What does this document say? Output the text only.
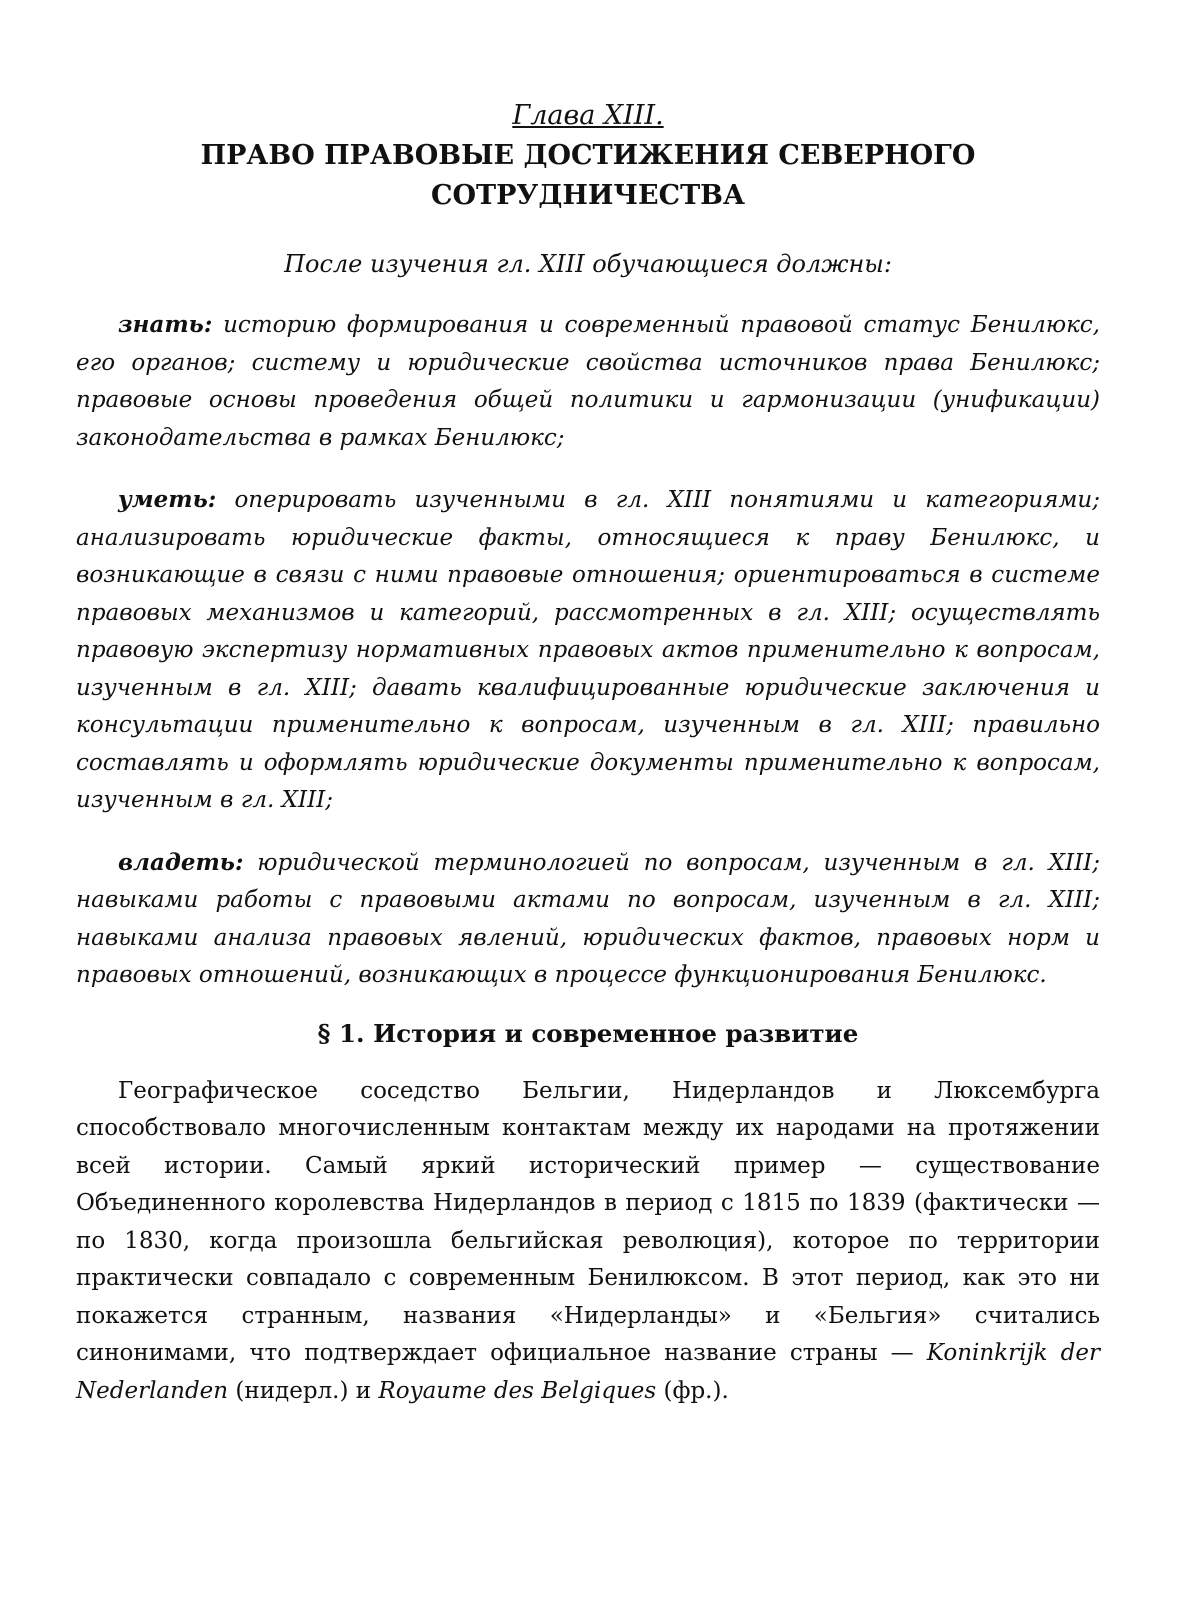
Глава XIII.

ПРАВО ПРАВОВЫЕ ДОСТИЖЕНИЯ СЕВЕРНОГО
СОТРУДНИЧЕСТВА

После изучения гл. XIII обучающиеся должны:

знать: историю формирования и современный правовой статус Бенилюкс, его органов; систему и юридические свойства источников права Бенилюкс; правовые основы проведения общей политики и гармонизации (унификации) законодательства в рамках Бенилюкс;

уметь: оперировать изученными в гл. XIII понятиями и категориями; анализировать юридические факты, относящиеся к праву Бенилюкс, и возникающие в связи с ними правовые отношения; ориентироваться в системе правовых механизмов и категорий, рассмотренных в гл. XIII; осуществлять правовую экспертизу нормативных правовых актов применительно к вопросам, изученным в гл. XIII; давать квалифицированные юридические заключения и консультации применительно к вопросам, изученным в гл. XIII; правильно составлять и оформлять юридические документы применительно к вопросам, изученным в гл. XIII;

владеть: юридической терминологией по вопросам, изученным в гл. XIII; навыками работы с правовыми актами по вопросам, изученным в гл. XIII; навыками анализа правовых явлений, юридических фактов, правовых норм и правовых отношений, возникающих в процессе функционирования Бенилюкс.

§ 1. История и современное развитие

Географическое соседство Бельгии, Нидерландов и Люксембурга способствовало многочисленным контактам между их народами на протяжении всей истории. Самый яркий исторический пример — существование Объединенного королевства Нидерландов в период с 1815 по 1839 (фактически — по 1830, когда произошла бельгийская революция), которое по территории практически совпадало с современным Бенилюксом. В этот период, как это ни покажется странным, названия «Нидерланды» и «Бельгия» считались синонимами, что подтверждает официальное название страны — Koninkrijk der Nederlanden (нидерл.) и Royaume des Belgiques (фр.).
